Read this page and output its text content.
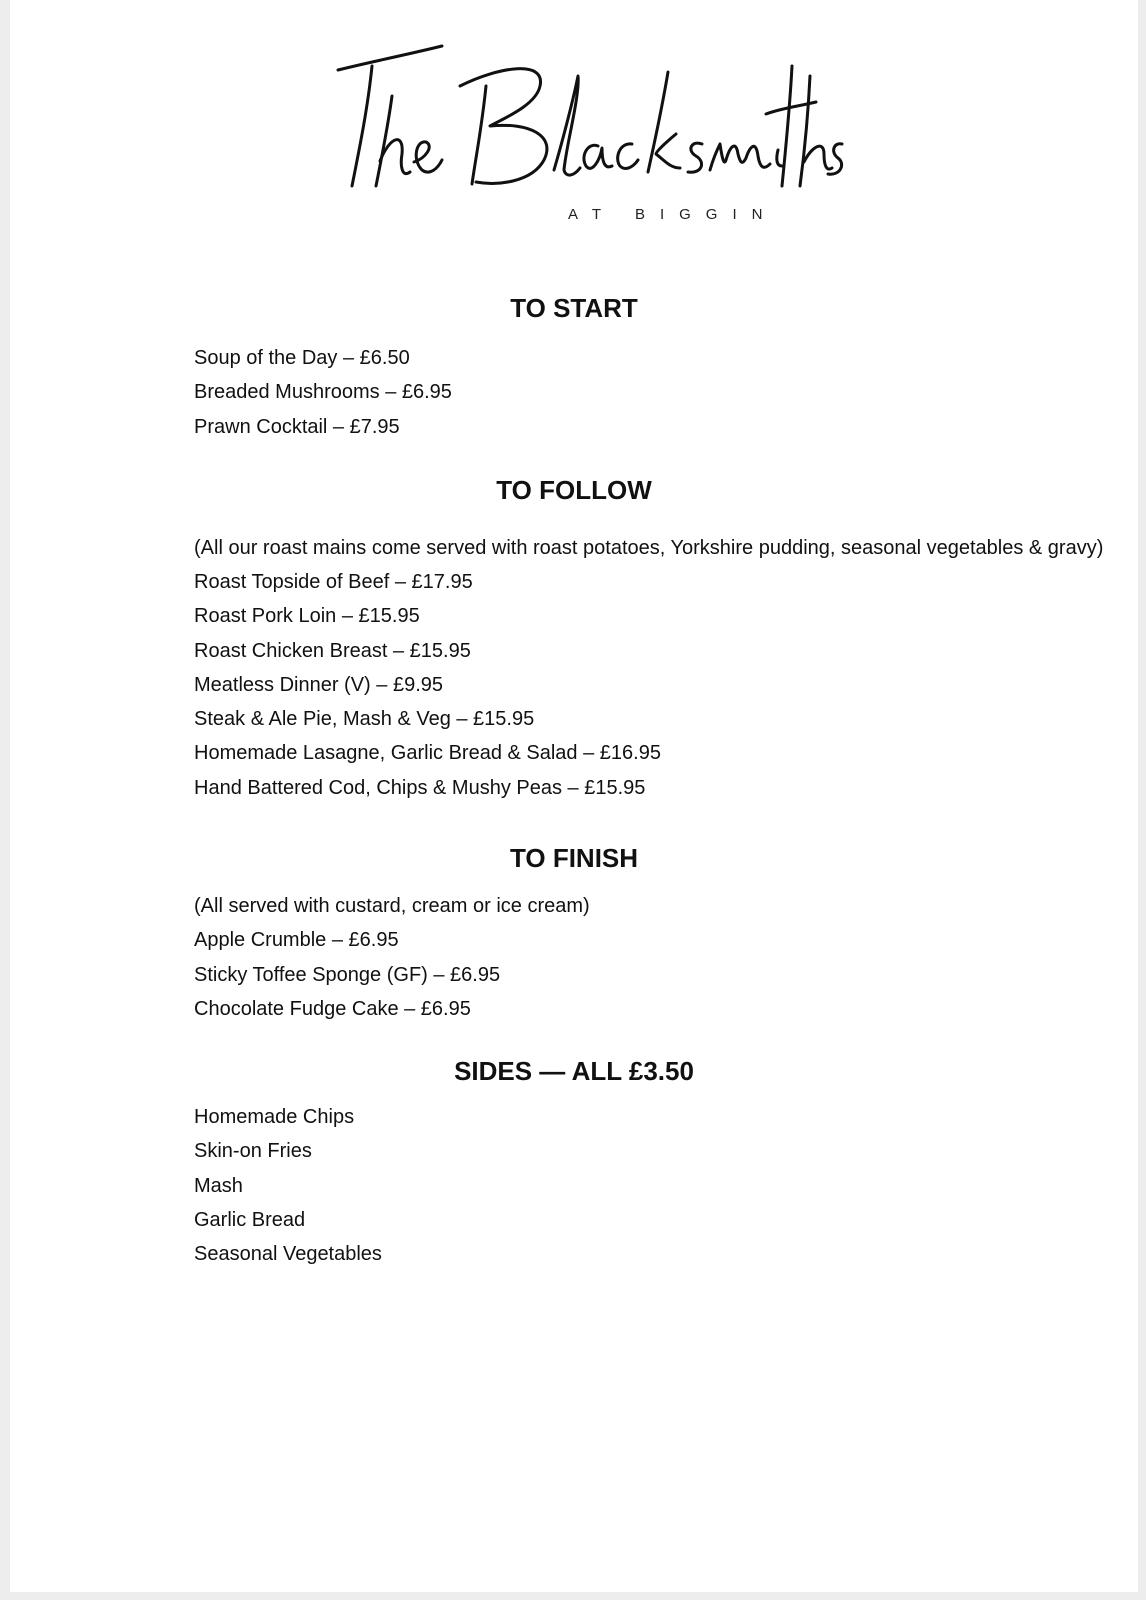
AT BIGGIN
TO START
Soup of the Day – £6.50
Breaded Mushrooms – £6.95
Prawn Cocktail – £7.95
TO FOLLOW
(All our roast mains come served with roast potatoes, Yorkshire pudding, seasonal vegetables & gravy)
Roast Topside of Beef – £17.95
Roast Pork Loin – £15.95
Roast Chicken Breast – £15.95
Meatless Dinner (V) – £9.95
Steak & Ale Pie, Mash & Veg – £15.95
Homemade Lasagne, Garlic Bread & Salad – £16.95
Hand Battered Cod, Chips & Mushy Peas – £15.95
TO FINISH
(All served with custard, cream or ice cream)
Apple Crumble – £6.95
Sticky Toffee Sponge (GF) – £6.95
Chocolate Fudge Cake – £6.95
SIDES — ALL £3.50
Homemade Chips
Skin-on Fries
Mash
Garlic Bread
Seasonal Vegetables
